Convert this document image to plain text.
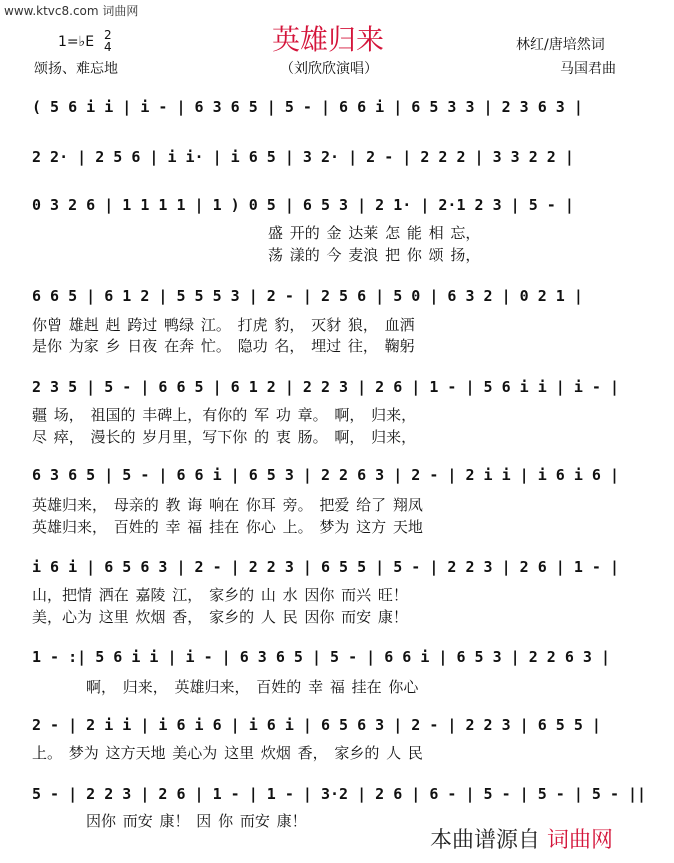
www.ktvc8.com 词曲网
英雄归来
1=♭E 2
4
颂扬、难忘地	（刘欣欣演唱）
林红/唐培然词
马国君曲
( 5 6 i i | i - | 6 3 6 5 | 5 - | 6 6 i | 6 5 3 3 | 2 3 6 3 |
2 2· | 2 5 6 | i i· | i 6 5 | 3 2· | 2 - | 2 2 2 | 3 3 2 2 |
0 3 2 6 | 1 1 1 1 | 1 ) 0 5 | 6 5 3 | 2 1· | 2·1 2 3 | 5 - |
盛 开的 金 达莱 怎 能 相 忘，
荡 漾的 今 麦浪 把 你 颂 扬，
6 6 5 | 6 1 2 | 5 5 5 3 | 2 - | 2 5 6 | 5 0 | 6 3 2 | 0 2 1 |
你曾 雄赳 赳 跨过 鸭绿 江。 打虎 豹， 灭豺 狼， 血洒
是你 为家 乡 日夜 在奔 忙。 隐功 名， 埋过 往， 鞠躬
2 3 5 | 5 - | 6 6 5 | 6 1 2 | 2 2 3 | 2 6 | 1 - | 5 6 i i | i - |
疆 场， 祖国的 丰碑上，有你的 军 功 章。 啊， 归来，
尽 瘁， 漫长的 岁月里，写下你 的 衷 肠。 啊， 归来，
6 3 6 5 | 5 - | 6 6 i | 6 5 3 | 2 2 6 3 | 2 - | 2 i i | i 6 i 6 |
英雄归来， 母亲的 教 诲 响在 你耳 旁。 把爱 给了 翔凤
英雄归来， 百姓的 幸 福 挂在 你心 上。 梦为 这方 天地
i 6 i | 6 5 6 3 | 2 - | 2 2 3 | 6 5 5 | 5 - | 2 2 3 | 2 6 | 1 - |
山，把情 洒在 嘉陵 江， 家乡的 山 水 因你 而兴 旺！
美，心为 这里 炊烟 香， 家乡的 人 民 因你 而安 康！
1 - :| 5 6 i i | i - | 6 3 6 5 | 5 - | 6 6 i | 6 5 3 | 2 2 6 3 |
啊， 归来， 英雄归来， 百姓的 幸 福 挂在 你心
2 - | 2 i i | i 6 i 6 | i 6 i | 6 5 6 3 | 2 - | 2 2 3 | 6 5 5 |
上。 梦为 这方天地 美心为 这里 炊烟 香， 家乡的 人 民
5 - | 2 2 3 | 2 6 | 1 - | 1 - | 3·2 | 2 6 | 6 - | 5 - | 5 - | 5 - ||
因你 而安 康！ 因 你 而安 康！
本曲谱源自 词曲网
